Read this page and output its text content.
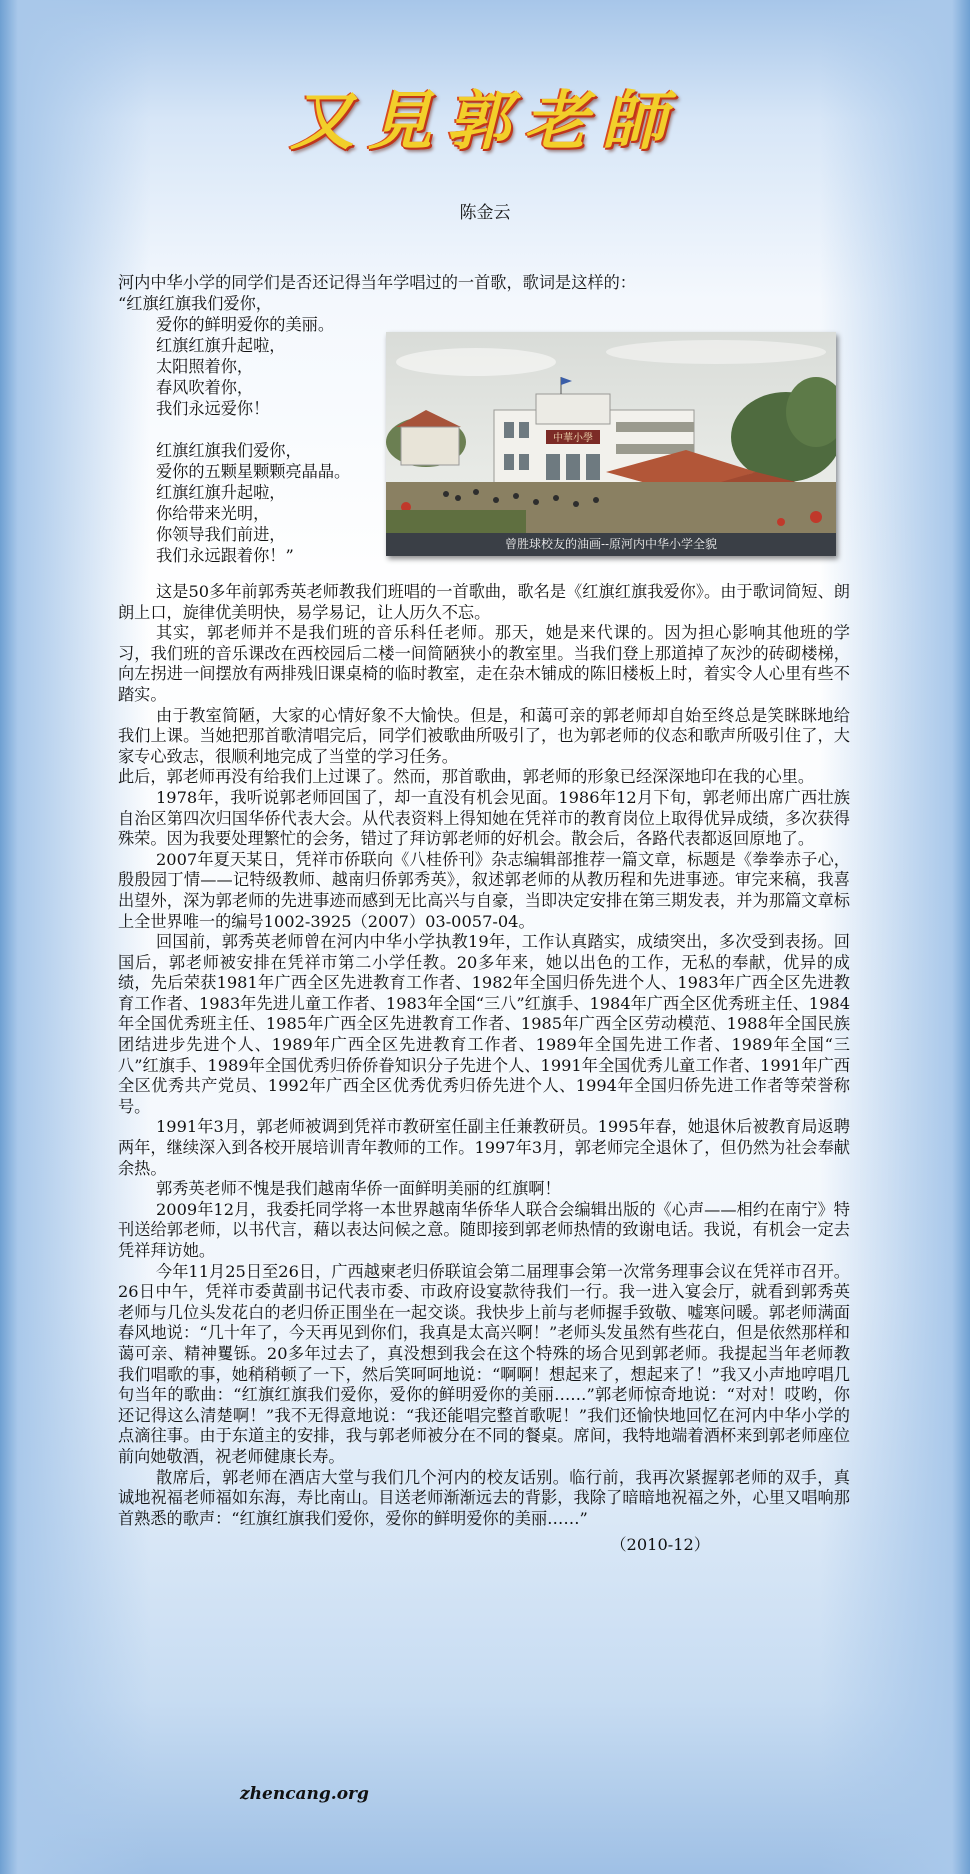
又見郭老師

陈金云

河内中华小学的同学们是否还记得当年学唱过的一首歌，歌词是这样的：

“红旗红旗我们爱你，
爱你的鲜明爱你的美丽。
红旗红旗升起啦，
太阳照着你，
春风吹着你，
我们永远爱你！
红旗红旗我们爱你，
爱你的五颗星颗颗亮晶晶。
红旗红旗升起啦，
你给带来光明，
你领导我们前进，
我们永远跟着你！”
中華小學
曾胜球校友的油画--原河内中华小学全貌

这是50多年前郭秀英老师教我们班唱的一首歌曲，歌名是《红旗红旗我爱你》。由于歌词简短、朗朗上口，旋律优美明快，易学易记，让人历久不忘。

其实，郭老师并不是我们班的音乐科任老师。那天，她是来代课的。因为担心影响其他班的学习，我们班的音乐课改在西校园后二楼一间简陋狭小的教室里。当我们登上那道掉了灰沙的砖砌楼梯，向左拐进一间摆放有两排残旧课桌椅的临时教室，走在杂木铺成的陈旧楼板上时，着实令人心里有些不踏实。

由于教室简陋，大家的心情好象不大愉快。但是，和蔼可亲的郭老师却自始至终总是笑眯眯地给我们上课。当她把那首歌清唱完后，同学们被歌曲所吸引了，也为郭老师的仪态和歌声所吸引住了，大家专心致志，很顺利地完成了当堂的学习任务。

此后，郭老师再没有给我们上过课了。然而，那首歌曲，郭老师的形象已经深深地印在我的心里。

1978年，我听说郭老师回国了，却一直没有机会见面。1986年12月下旬，郭老师出席广西壮族自治区第四次归国华侨代表大会。从代表资料上得知她在凭祥市的教育岗位上取得优异成绩，多次获得殊荣。因为我要处理繁忙的会务，错过了拜访郭老师的好机会。散会后，各路代表都返回原地了。

2007年夏天某日，凭祥市侨联向《八桂侨刊》杂志编辑部推荐一篇文章，标题是《拳拳赤子心，殷殷园丁情——记特级教师、越南归侨郭秀英》，叙述郭老师的从教历程和先进事迹。审完来稿，我喜出望外，深为郭老师的先进事迹而感到无比高兴与自豪，当即决定安排在第三期发表，并为那篇文章标上全世界唯一的编号1002-3925（2007）03-0057-04。

回国前，郭秀英老师曾在河内中华小学执教19年，工作认真踏实，成绩突出，多次受到表扬。回国后，郭老师被安排在凭祥市第二小学任教。20多年来，她以出色的工作，无私的奉献，优异的成绩，先后荣获1981年广西全区先进教育工作者、1982年全国归侨先进个人、1983年广西全区先进教育工作者、1983年先进儿童工作者、1983年全国“三八”红旗手、1984年广西全区优秀班主任、1984年全国优秀班主任、1985年广西全区先进教育工作者、1985年广西全区劳动模范、1988年全国民族团结进步先进个人、1989年广西全区先进教育工作者、1989年全国先进工作者、1989年全国“三八”红旗手、1989年全国优秀归侨侨眷知识分子先进个人、1991年全国优秀儿童工作者、1991年广西全区优秀共产党员、1992年广西全区优秀优秀归侨先进个人、1994年全国归侨先进工作者等荣誉称号。

1991年3月，郭老师被调到凭祥市教研室任副主任兼教研员。1995年春，她退休后被教育局返聘两年，继续深入到各校开展培训青年教师的工作。1997年3月，郭老师完全退休了，但仍然为社会奉献余热。

郭秀英老师不愧是我们越南华侨一面鲜明美丽的红旗啊！

2009年12月，我委托同学将一本世界越南华侨华人联合会编辑出版的《心声——相约在南宁》特刊送给郭老师，以书代言，藉以表达问候之意。随即接到郭老师热情的致谢电话。我说，有机会一定去凭祥拜访她。

今年11月25日至26日，广西越柬老归侨联谊会第二届理事会第一次常务理事会议在凭祥市召开。26日中午，凭祥市委黄副书记代表市委、市政府设宴款待我们一行。我一进入宴会厅，就看到郭秀英老师与几位头发花白的老归侨正围坐在一起交谈。我快步上前与老师握手致敬、嘘寒问暖。郭老师满面春风地说：“几十年了，今天再见到你们，我真是太高兴啊！”老师头发虽然有些花白，但是依然那样和蔼可亲、精神矍铄。20多年过去了，真没想到我会在这个特殊的场合见到郭老师。我提起当年老师教我们唱歌的事，她稍稍顿了一下，然后笑呵呵地说：“啊啊！想起来了，想起来了！”我又小声地哼唱几句当年的歌曲：“红旗红旗我们爱你，爱你的鲜明爱你的美丽……”郭老师惊奇地说：“对对！哎哟，你还记得这么清楚啊！”我不无得意地说：“我还能唱完整首歌呢！”我们还愉快地回忆在河内中华小学的点滴往事。由于东道主的安排，我与郭老师被分在不同的餐桌。席间，我特地端着酒杯来到郭老师座位前向她敬酒，祝老师健康长寿。

散席后，郭老师在酒店大堂与我们几个河内的校友话别。临行前，我再次紧握郭老师的双手，真诚地祝福老师福如东海，寿比南山。目送老师渐渐远去的背影，我除了暗暗地祝福之外，心里又唱响那首熟悉的歌声：“红旗红旗我们爱你，爱你的鲜明爱你的美丽……”

（2010-12）

zhencang.org
